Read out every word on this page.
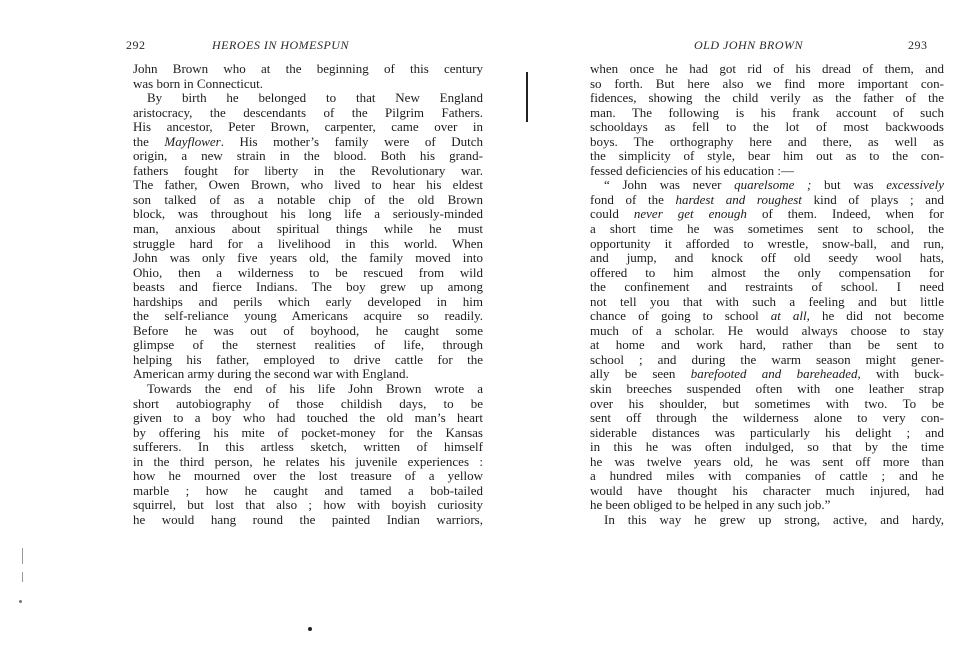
292	HEROES IN HOMESPUN
John Brown who at the beginning of this century
was born in Connecticut.
By birth he belonged to that New England
aristocracy, the descendants of the Pilgrim Fathers.
His ancestor, Peter Brown, carpenter, came over in
the Mayflower. His mother’s family were of Dutch
origin, a new strain in the blood. Both his grand-
fathers fought for liberty in the Revolutionary war.
The father, Owen Brown, who lived to hear his eldest
son talked of as a notable chip of the old Brown
block, was throughout his long life a seriously-minded
man, anxious about spiritual things while he must
struggle hard for a livelihood in this world. When
John was only five years old, the family moved into
Ohio, then a wilderness to be rescued from wild
beasts and fierce Indians. The boy grew up among
hardships and perils which early developed in him
the self-reliance young Americans acquire so readily.
Before he was out of boyhood, he caught some
glimpse of the sternest realities of life, through
helping his father, employed to drive cattle for the
American army during the second war with England.
Towards the end of his life John Brown wrote a
short autobiography of those childish days, to be
given to a boy who had touched the old man’s heart
by offering his mite of pocket-money for the Kansas
sufferers. In this artless sketch, written of himself
in the third person, he relates his juvenile experiences :
how he mourned over the lost treasure of a yellow
marble ; how he caught and tamed a bob-tailed
squirrel, but lost that also ; how with boyish curiosity
he would hang round the painted Indian warriors,
OLD JOHN BROWN	293
when once he had got rid of his dread of them, and
so forth. But here also we find more important con-
fidences, showing the child verily as the father of the
man. The following is his frank account of such
schooldays as fell to the lot of most backwoods
boys. The orthography here and there, as well as
the simplicity of style, bear him out as to the con-
fessed deficiencies of his education :—
“ John was never quarelsome ; but was excessively
fond of the hardest and roughest kind of plays ; and
could never get enough of them. Indeed, when for
a short time he was sometimes sent to school, the
opportunity it afforded to wrestle, snow-ball, and run,
and jump, and knock off old seedy wool hats,
offered to him almost the only compensation for
the confinement and restraints of school. I need
not tell you that with such a feeling and but little
chance of going to school at all, he did not become
much of a scholar. He would always choose to stay
at home and work hard, rather than be sent to
school ; and during the warm season might gener-
ally be seen barefooted and bareheaded, with buck-
skin breeches suspended often with one leather strap
over his shoulder, but sometimes with two. To be
sent off through the wilderness alone to very con-
siderable distances was particularly his delight ; and
in this he was often indulged, so that by the time
he was twelve years old, he was sent off more than
a hundred miles with companies of cattle ; and he
would have thought his character much injured, had
he been obliged to be helped in any such job.”
In this way he grew up strong, active, and hardy,
